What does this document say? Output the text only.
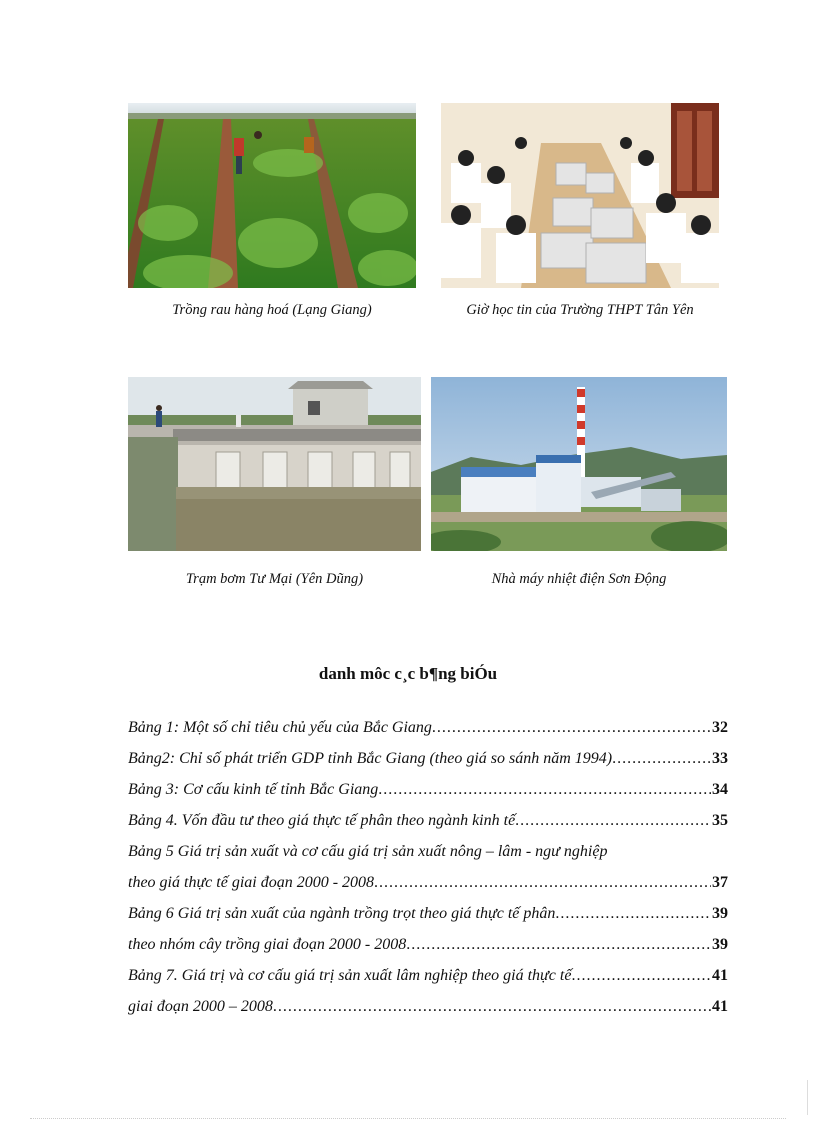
Trồng rau hàng hoá (Lạng Giang)	Giờ học tin của Trường THPT Tân Yên
Trạm bơm Tư Mại (Yên Dũng)	Nhà máy nhiệt điện Sơn Động
danh môc c¸c b¶ng biÓu
Bảng 1: Một số chỉ tiêu chủ yếu của Bắc Giang .....	32
Bảng2: Chỉ số phát triển GDP tỉnh Bắc Giang (theo giá so sánh năm 1994) .....	33
Bảng 3: Cơ cấu kinh tế tỉnh Bắc Giang .....	34
Bảng 4. Vốn đầu tư theo giá thực tế phân theo ngành kinh tế .....	35
Bảng 5 Giá trị sản xuất và cơ cấu giá trị sản xuất nông – lâm - ngư nghiệp
theo giá thực tế giai đoạn 2000 - 2008 .....	37
Bảng 6 Giá trị sản xuất của ngành trồng trọt theo giá thực tế phân .....	39
theo nhóm cây trồng giai đoạn 2000 - 2008 .....	39
Bảng 7. Giá trị và cơ cấu giá trị sản xuất lâm nghiệp theo giá thực tế .....	41
giai đoạn 2000 – 2008 .....	41
